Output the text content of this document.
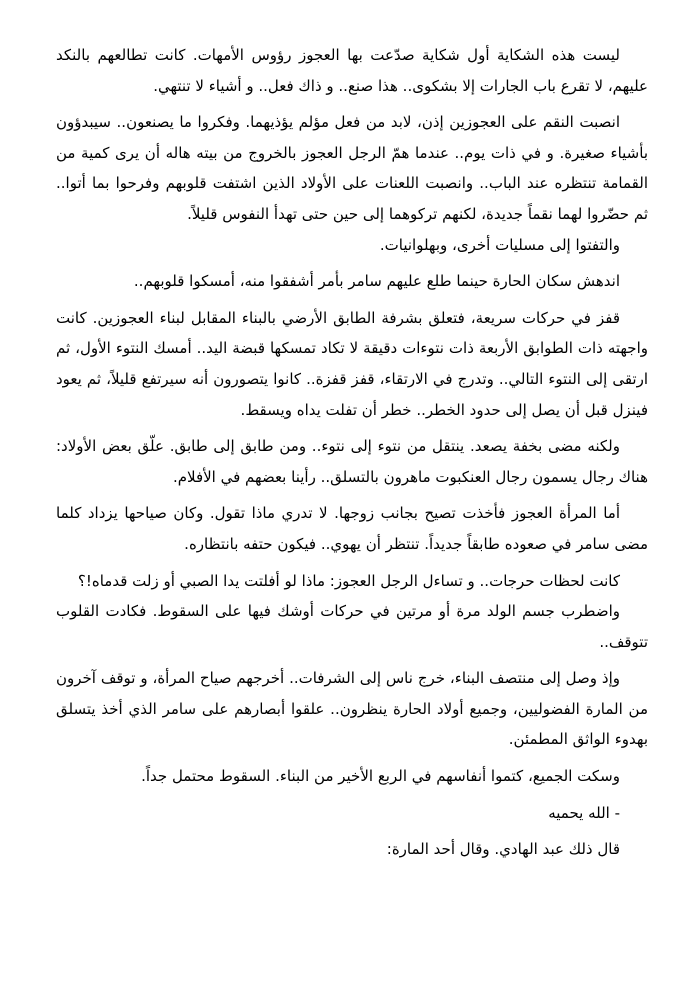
ليست هذه الشكاية أول شكاية صدّعت بها العجوز رؤوس الأمهات. كانت تطالعهم بالنكد عليهم، لا تقرع باب الجارات إلا بشكوى.. هذا صنع.. و ذاك فعل.. و أشياء لا تنتهي.

انصبت النقم على العجوزين إذن، لابد من فعل مؤلم يؤذيهما. وفكروا ما يصنعون.. سيبدؤون بأشياء صغيرة. و في ذات يوم.. عندما همّ الرجل العجوز بالخروج من بيته هاله أن يرى كمية من القمامة تنتظره عند الباب.. وانصبت اللعنات على الأولاد الذين اشتفت قلوبهم وفرحوا بما أتوا.. ثم حضّروا لهما نقماً جديدة، لكنهم تركوهما إلى حين حتى تهدأ النفوس قليلاً.

والتفتوا إلى مسليات أخرى، وبهلوانيات.

اندهش سكان الحارة حينما طلع عليهم سامر بأمر أشفقوا منه، أمسكوا قلوبهم..

قفز في حركات سريعة، فتعلق بشرفة الطابق الأرضي بالبناء المقابل لبناء العجوزين. كانت واجهته ذات الطوابق الأربعة ذات نتوءات دقيقة لا تكاد تمسكها قبضة اليد.. أمسك النتوء الأول، ثم ارتقى إلى النتوء التالي.. وتدرج في الارتقاء، قفز قفزة.. كانوا يتصورون أنه سيرتفع قليلاً، ثم يعود فينزل قبل أن يصل إلى حدود الخطر.. خطر أن تفلت يداه ويسقط.

ولكنه مضى بخفة يصعد. ينتقل من نتوء إلى نتوء.. ومن طابق إلى طابق. علّق بعض الأولاد: هناك رجال يسمون رجال العنكبوت ماهرون بالتسلق.. رأينا بعضهم في الأفلام.

أما المرأة العجوز فأخذت تصيح بجانب زوجها. لا تدري ماذا تقول. وكان صياحها يزداد كلما مضى سامر في صعوده طابقاً جديداً. تنتظر أن يهوي.. فيكون حتفه بانتظاره.

كانت لحظات حرجات.. و تساءل الرجل العجوز: ماذا لو أفلتت يدا الصبي أو زلت قدماه!؟

واضطرب جسم الولد مرة أو مرتين في حركات أوشك فيها على السقوط. فكادت القلوب تتوقف..

وإذ وصل إلى منتصف البناء، خرج ناس إلى الشرفات.. أخرجهم صياح المرأة، و توقف آخرون من المارة الفضوليين، وجميع أولاد الحارة ينظرون.. علقوا أبصارهم على سامر الذي أخذ يتسلق بهدوء الواثق المطمئن.

وسكت الجميع، كتموا أنفاسهم في الربع الأخير من البناء. السقوط محتمل جداً.

- الله يحميه

قال ذلك عبد الهادي. وقال أحد المارة:
